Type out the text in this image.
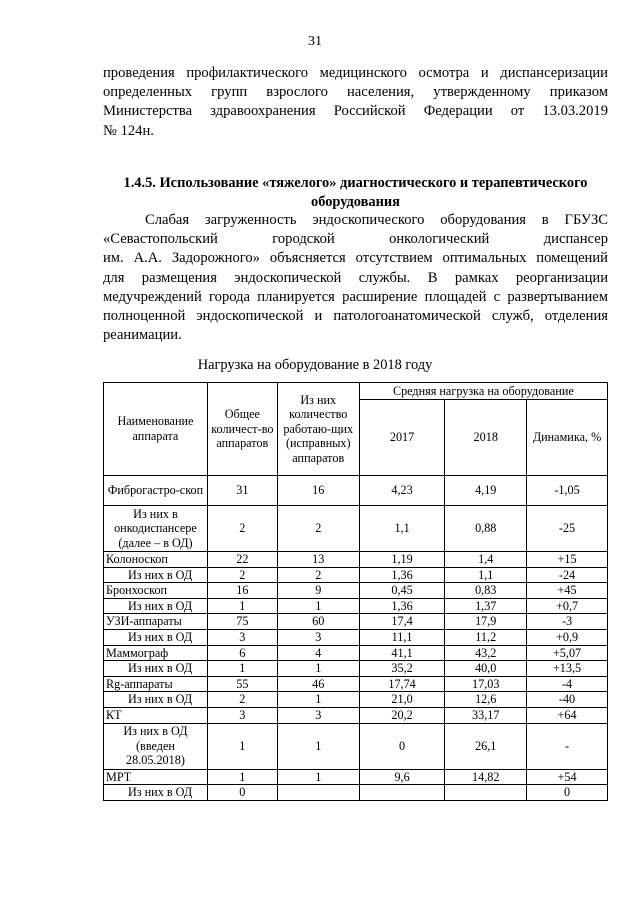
31
проведения профилактического медицинского осмотра и диспансеризации
определенных групп взрослого населения, утвержденному приказом
Министерства здравоохранения Российской Федерации от 13.03.2019
№ 124н.
1.4.5. Использование «тяжелого» диагностического и терапевтического
оборудования
Слабая загруженность эндоскопического оборудования в ГБУЗС
«Севастопольский городской онкологический диспансер
им. А.А. Задорожного» объясняется отсутствием оптимальных помещений
для размещения эндоскопической службы. В рамках реорганизации
медучреждений города планируется расширение площадей с развертыванием
полноценной эндоскопической и патологоанатомической служб, отделения
реанимации.
Нагрузка на оборудование в 2018 году
Наименование аппарата	Общее количест-во аппаратов	Из них количество работаю-щих (исправных) аппаратов	Средняя нагрузка на оборудование		
			2017	2018	Динамика, %
Фиброгастро-скоп	31	16	4,23	4,19	-1,05
Из них в онкодиспансере (далее – в ОД)	2	2	1,1	0,88	-25
Колоноскоп	22	13	1,19	1,4	+15
Из них в ОД	2	2	1,36	1,1	-24
Бронхоскоп	16	9	0,45	0,83	+45
Из них в ОД	1	1	1,36	1,37	+0,7
УЗИ-аппараты	75	60	17,4	17,9	-3
Из них в ОД	3	3	11,1	11,2	+0,9
Маммограф	6	4	41,1	43,2	+5,07
Из них в ОД	1	1	35,2	40,0	+13,5
Rg-аппараты	55	46	17,74	17,03	-4
Из них в ОД	2	1	21,0	12,6	-40
КТ	3	3	20,2	33,17	+64
Из них в ОД (введен 28.05.2018)	1	1	0	26,1	-
МРТ	1	1	9,6	14,82	+54
Из них в ОД	0				0
